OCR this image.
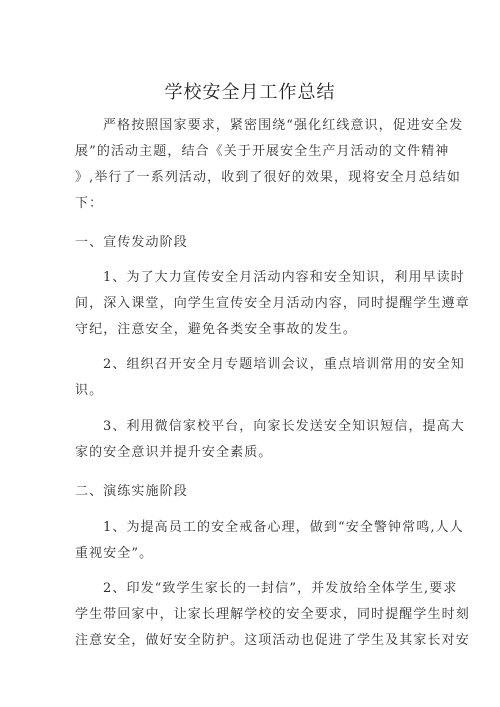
学校安全月工作总结
严格按照国家要求，紧密围绕“强化红线意识，促进安全发
展”的活动主题，结合《关于开展安全生产月活动的文件精神
》,举行了一系列活动，收到了很好的效果，现将安全月总结如
下：
一、宣传发动阶段
1、为了大力宣传安全月活动内容和安全知识，利用早读时
间，深入课堂，向学生宣传安全月活动内容，同时提醒学生遵章
守纪，注意安全，避免各类安全事故的发生。
2、组织召开安全月专题培训会议，重点培训常用的安全知
识。
3、利用微信家校平台，向家长发送安全知识短信，提高大
家的安全意识并提升安全素质。
二、演练实施阶段
1、为提高员工的安全戒备心理，做到“安全警钟常鸣,人人
重视安全”。
2、印发“致学生家长的一封信”，并发放给全体学生,要求
学生带回家中，让家长理解学校的安全要求，同时提醒学生时刻
注意安全，做好安全防护。这项活动也促进了学生及其家长对安
